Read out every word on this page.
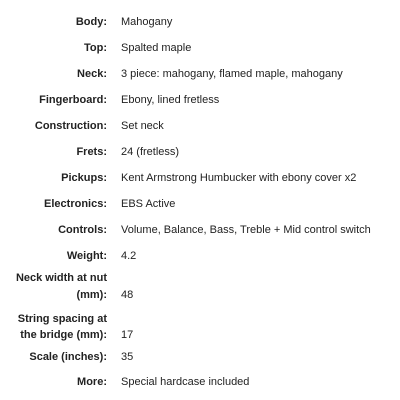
Body: Mahogany
Top: Spalted maple
Neck: 3 piece: mahogany, flamed maple, mahogany
Fingerboard: Ebony, lined fretless
Construction: Set neck
Frets: 24 (fretless)
Pickups: Kent Armstrong Humbucker with ebony cover x2
Electronics: EBS Active
Controls: Volume, Balance, Bass, Treble + Mid control switch
Weight: 4.2
Neck width at nut
(mm): 48
String spacing at
the bridge (mm): 17
Scale (inches): 35
More: Special hardcase included
